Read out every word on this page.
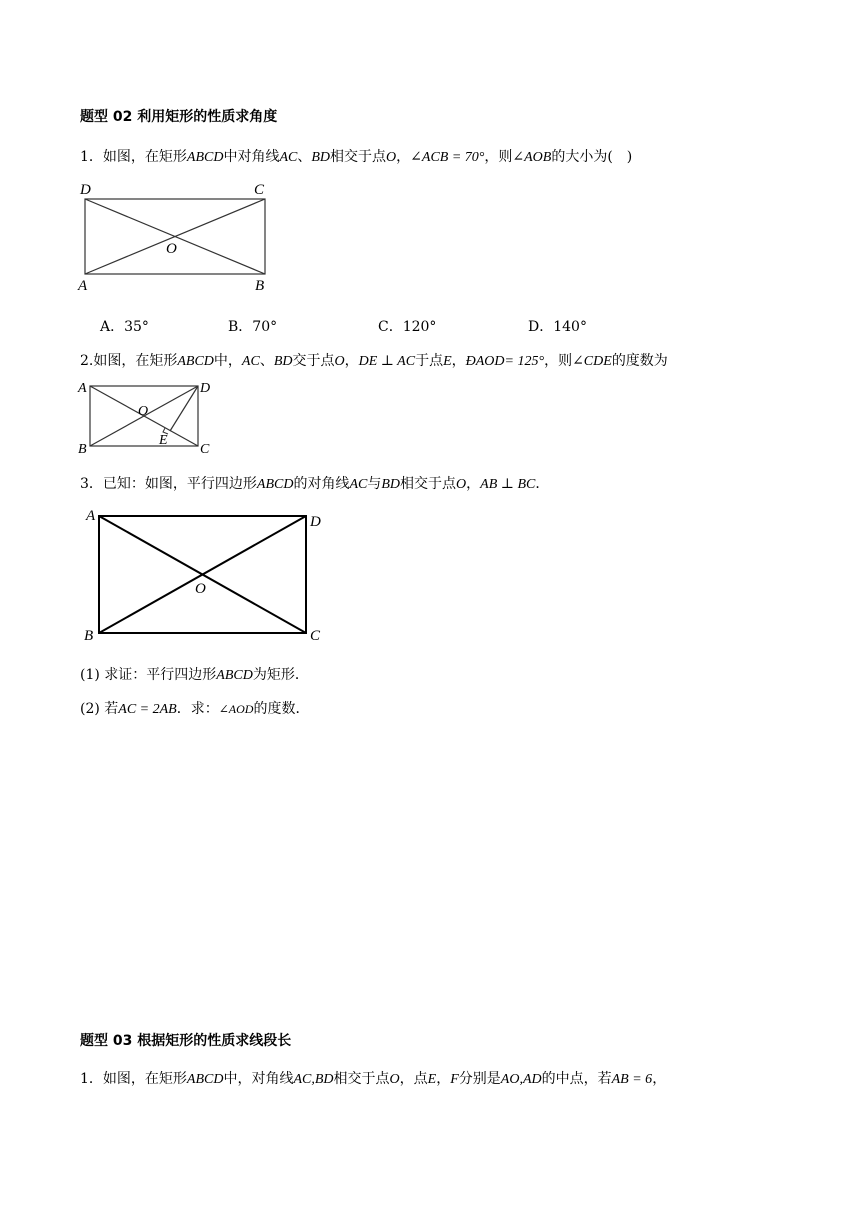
题型 02 利用矩形的性质求角度
1．如图，在矩形ABCD中对角线AC、BD相交于点O，∠ACB = 70°，则∠AOB的大小为(　)
D	C
O
A	B
A．35°	B．70°	C．120°	D．140°
2.如图，在矩形ABCD中，AC、BD交于点O，DE ⊥ AC于点E，ÐAOD= 125°，则∠CDE的度数为
A	D
O
E
B	C
3．已知：如图，平行四边形ABCD的对角线AC与BD相交于点O，AB ⊥ BC．
A	D
O
B	C
(1) 求证：平行四边形ABCD为矩形．
(2) 若AC = 2AB．求：∠AOD的度数．
题型 03 根据矩形的性质求线段长
1．如图，在矩形ABCD中，对角线AC,BD相交于点O，点E，F分别是AO,AD的中点，若AB = 6，
